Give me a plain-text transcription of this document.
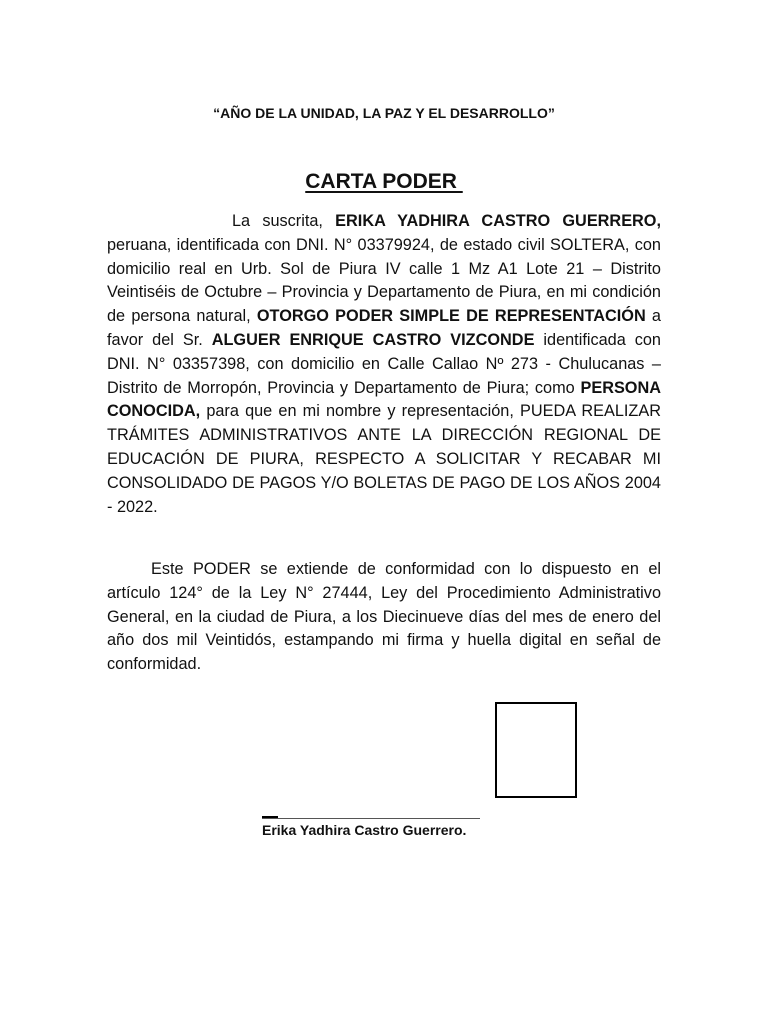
“AÑO DE LA UNIDAD, LA PAZ Y EL DESARROLLO”
CARTA PODER

La suscrita, ERIKA YADHIRA CASTRO GUERRERO, peruana, identificada con DNI. N° 03379924, de estado civil SOLTERA, con domicilio real en Urb. Sol de Piura IV calle 1 Mz A1 Lote 21 – Distrito Veintiséis de Octubre – Provincia y Departamento de Piura, en mi condición de persona natural, OTORGO PODER SIMPLE DE REPRESENTACIÓN a favor del Sr. ALGUER ENRIQUE CASTRO VIZCONDE identificada con DNI. N° 03357398, con domicilio en Calle Callao Nº 273 - Chulucanas – Distrito de Morropón, Provincia y Departamento de Piura; como PERSONA CONOCIDA, para que en mi nombre y representación, PUEDA REALIZAR TRÁMITES ADMINISTRATIVOS ANTE LA DIRECCIÓN REGIONAL DE EDUCACIÓN DE PIURA, RESPECTO A SOLICITAR Y RECABAR MI CONSOLIDADO DE PAGOS Y/O BOLETAS DE PAGO DE LOS AÑOS 2004 - 2022.

Este PODER se extiende de conformidad con lo dispuesto en el artículo 124° de la Ley N° 27444, Ley del Procedimiento Administrativo General, en la ciudad de Piura, a los Diecinueve días del mes de enero del año dos mil Veintidós, estampando mi firma y huella digital en señal de conformidad.

Erika Yadhira Castro Guerrero.
